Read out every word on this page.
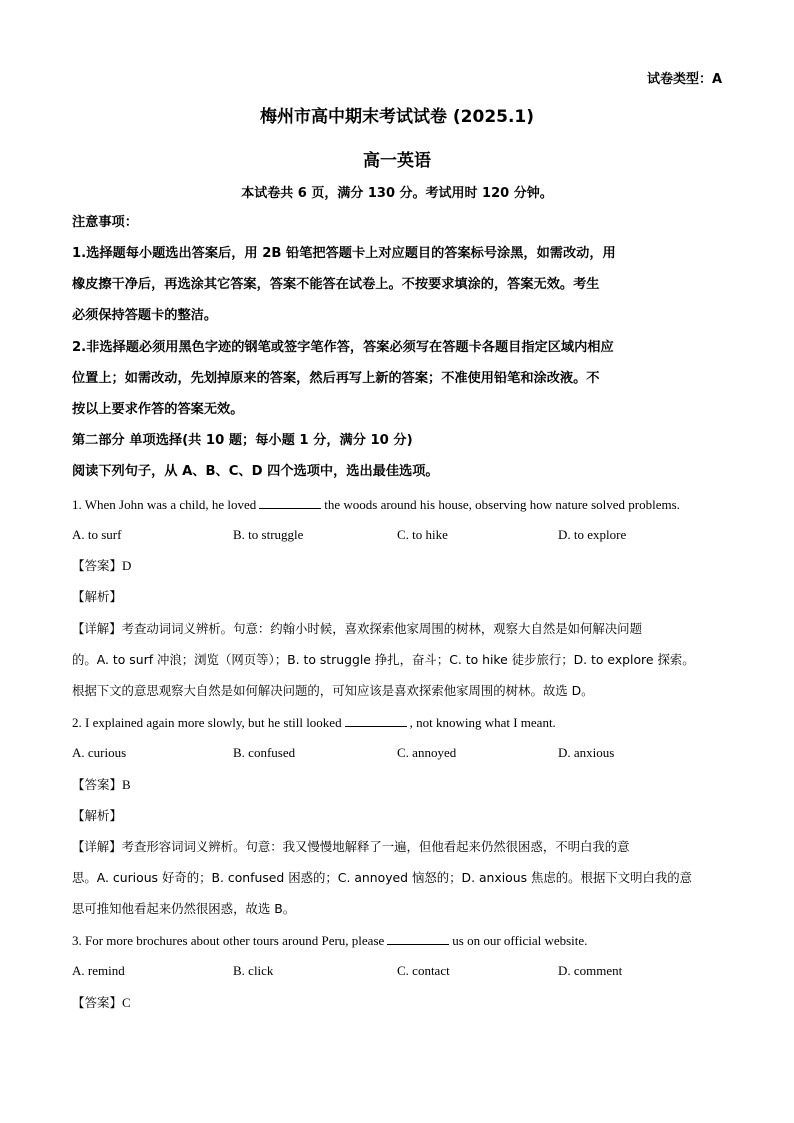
试卷类型：A
梅州市高中期末考试试卷 (2025.1)
高一英语
本试卷共 6 页，满分 130 分。考试用时 120 分钟。
注意事项：
1.选择题每小题选出答案后，用 2B 铅笔把答题卡上对应题目的答案标号涂黑，如需改动，用
橡皮擦干净后，再选涂其它答案，答案不能答在试卷上。不按要求填涂的，答案无效。考生
必须保持答题卡的整洁。
2.非选择题必须用黑色字迹的钢笔或签字笔作答，答案必须写在答题卡各题目指定区域内相应
位置上；如需改动，先划掉原来的答案，然后再写上新的答案；不准使用铅笔和涂改液。不
按以上要求作答的答案无效。
第二部分 单项选择(共 10 题；每小题 1 分，满分 10 分)
阅读下列句子，从 A、B、C、D 四个选项中，选出最佳选项。
1. When John was a child, he loved	the woods around his house, observing how nature solved problems.
A. to surf	B. to struggle	C. to hike	D. to explore
【答案】D
【解析】
【详解】考查动词词义辨析。句意：约翰小时候，喜欢探索他家周围的树林，观察大自然是如何解决问题
的。A. to surf 冲浪；浏览（网页等）；B. to struggle 挣扎，奋斗；C. to hike 徒步旅行；D. to explore 探索。
根据下文的意思观察大自然是如何解决问题的，可知应该是喜欢探索他家周围的树林。故选 D。
2. I explained again more slowly, but he still looked	, not knowing what I meant.
A. curious	B. confused	C. annoyed	D. anxious
【答案】B
【解析】
【详解】考查形容词词义辨析。句意：我又慢慢地解释了一遍，但他看起来仍然很困惑，不明白我的意
思。A. curious 好奇的；B. confused 困惑的；C. annoyed 恼怒的；D. anxious 焦虑的。根据下文明白我的意
思可推知他看起来仍然很困惑，故选 B。
3. For more brochures about other tours around Peru, please	us on our official website.
A. remind	B. click	C. contact	D. comment
【答案】C
